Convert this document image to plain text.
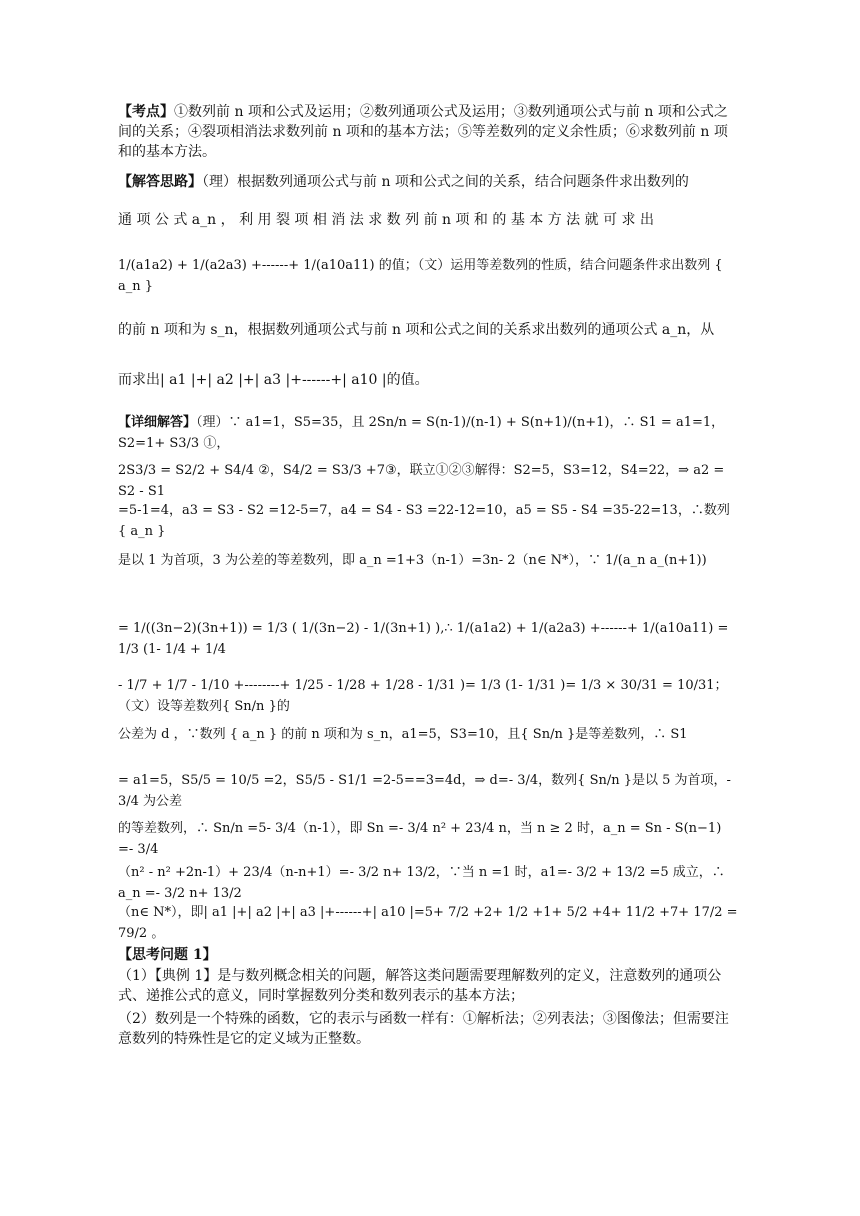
【考点】①数列前 n 项和公式及运用；②数列通项公式及运用；③数列通项公式与前 n 项和公式之间的关系；④裂项相消法求数列前 n 项和的基本方法；⑤等差数列的定义余性质；⑥求数列前 n 项和的基本方法。
【解答思路】（理）根据数列通项公式与前 n 项和公式之间的关系，结合问题条件求出数列的
通 项 公 式 a_n ， 利 用 裂 项 相 消 法 求 数 列 前 n 项 和 的 基 本 方 法 就 可 求 出
1/(a1a2) + 1/(a2a3) +------+ 1/(a10a11) 的值；（文）运用等差数列的性质，结合问题条件求出数列 { a_n }
的前 n 项和为 s_n，根据数列通项公式与前 n 项和公式之间的关系求出数列的通项公式 a_n，从
而求出| a1 |+| a2 |+| a3 |+------+| a10 |的值。
【详细解答】（理）∵ a1=1，S5=35，且 2Sn/n = S(n-1)/(n-1) + S(n+1)/(n+1)，∴ S1 = a1=1，S2=1+ S3/3 ①，
2S3/3 = S2/2 + S4/4 ②，S4/2 = S3/3 +7③，联立①②③解得：S2=5，S3=12，S4=22，⇒ a2 = S2 - S1
=5-1=4，a3 = S3 - S2 =12-5=7，a4 = S4 - S3 =22-12=10，a5 = S5 - S4 =35-22=13，∴数列 { a_n }
是以 1 为首项，3 为公差的等差数列，即 a_n =1+3（n-1）=3n- 2（n∈ N*），∵ 1/(a_n a_(n+1))
= 1/((3n−2)(3n+1)) = 1/3 ( 1/(3n−2) - 1/(3n+1) ),∴ 1/(a1a2) + 1/(a2a3) +------+ 1/(a10a11) = 1/3 (1- 1/4 + 1/4
- 1/7 + 1/7 - 1/10 +--------+ 1/25 - 1/28 + 1/28 - 1/31 )= 1/3 (1- 1/31 )= 1/3 × 30/31 = 10/31；（文）设等差数列{ Sn/n }的
公差为 d ，∵数列 { a_n } 的前 n 项和为 s_n，a1=5，S3=10，且{ Sn/n }是等差数列，∴ S1
= a1=5，S5/5 = 10/5 =2，S5/5 - S1/1 =2-5==3=4d，⇒ d=- 3/4，数列{ Sn/n }是以 5 为首项，- 3/4 为公差
的等差数列，∴ Sn/n =5- 3/4（n-1），即 Sn =- 3/4 n² + 23/4 n，当 n ≥ 2 时，a_n = Sn - S(n−1) =- 3/4
（n² - n² +2n-1）+ 23/4（n-n+1）=- 3/2 n+ 13/2，∵当 n =1 时，a1=- 3/2 + 13/2 =5 成立，∴ a_n =- 3/2 n+ 13/2
（n∈ N*），即| a1 |+| a2 |+| a3 |+------+| a10 |=5+ 7/2 +2+ 1/2 +1+ 5/2 +4+ 11/2 +7+ 17/2 = 79/2 。
【思考问题 1】
（1）【典例 1】是与数列概念相关的问题，解答这类问题需要理解数列的定义，注意数列的通项公式、递推公式的意义，同时掌握数列分类和数列表示的基本方法；
（2）数列是一个特殊的函数，它的表示与函数一样有：①解析法；②列表法；③图像法；但需要注意数列的特殊性是它的定义域为正整数。
